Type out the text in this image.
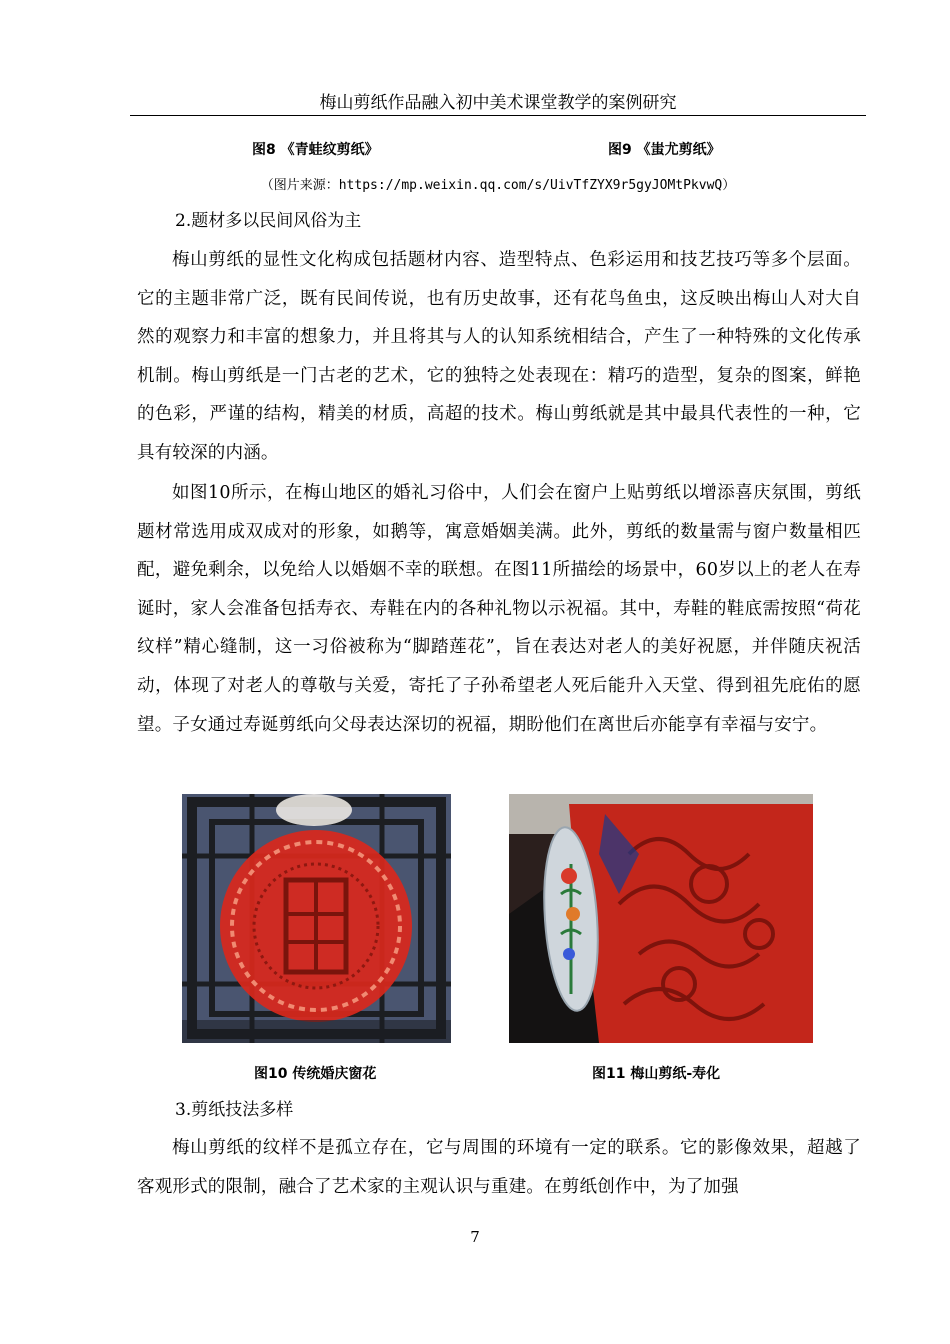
梅山剪纸作品融入初中美术课堂教学的案例研究
图8 《青蛙纹剪纸》	图9 《蚩尤剪纸》
（图片来源：https://mp.weixin.qq.com/s/UivTfZYX9r5gyJOMtPkvwQ）
2.题材多以民间风俗为主
梅山剪纸的显性文化构成包括题材内容、造型特点、色彩运用和技艺技巧等多个层面。它的主题非常广泛，既有民间传说，也有历史故事，还有花鸟鱼虫，这反映出梅山人对大自然的观察力和丰富的想象力，并且将其与人的认知系统相结合，产生了一种特殊的文化传承机制。梅山剪纸是一门古老的艺术，它的独特之处表现在：精巧的造型，复杂的图案，鲜艳的色彩，严谨的结构，精美的材质，高超的技术。梅山剪纸就是其中最具代表性的一种，它具有较深的内涵。
如图10所示，在梅山地区的婚礼习俗中，人们会在窗户上贴剪纸以增添喜庆氛围，剪纸题材常选用成双成对的形象，如鹅等，寓意婚姻美满。此外，剪纸的数量需与窗户数量相匹配，避免剩余，以免给人以婚姻不幸的联想。在图11所描绘的场景中，60岁以上的老人在寿诞时，家人会准备包括寿衣、寿鞋在内的各种礼物以示祝福。其中，寿鞋的鞋底需按照“荷花纹样”精心缝制，这一习俗被称为“脚踏莲花”，旨在表达对老人的美好祝愿，并伴随庆祝活动，体现了对老人的尊敬与关爱，寄托了子孙希望老人死后能升入天堂、得到祖先庇佑的愿望。子女通过寿诞剪纸向父母表达深切的祝福，期盼他们在离世后亦能享有幸福与安宁。
图10 传统婚庆窗花	图11 梅山剪纸-寿化
3.剪纸技法多样
梅山剪纸的纹样不是孤立存在，它与周围的环境有一定的联系。它的影像效果，超越了客观形式的限制，融合了艺术家的主观认识与重建。在剪纸创作中，为了加强
7
